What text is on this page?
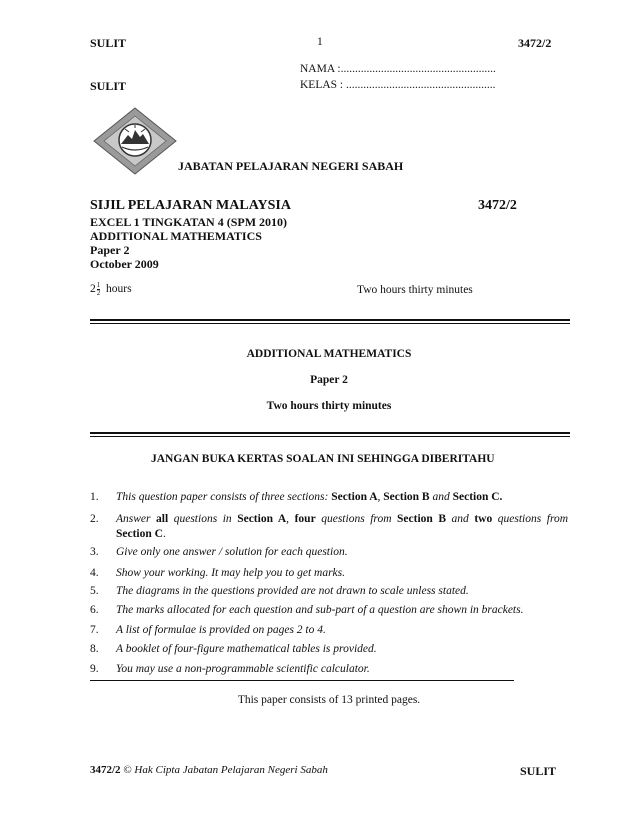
SULIT	1	3472/2
NAMA :......................................................
SULIT	KELAS : ....................................................
JABATAN PELAJARAN NEGERI SABAH
SIJIL PELAJARAN MALAYSIA	3472/2
EXCEL 1 TINGKATAN 4 (SPM 2010)
ADDITIONAL MATHEMATICS
Paper 2
October 2009
$2 \frac{1}{2}$ hours	Two hours thirty minutes
ADDITIONAL MATHEMATICS
Paper 2
Two hours thirty minutes
JANGAN BUKA KERTAS SOALAN INI SEHINGGA DIBERITAHU
1. This question paper consists of three sections: Section A, Section B and Section C.
2. Answer all questions in Section A, four questions from Section B and two questions from Section C.
3. Give only one answer / solution for each question.
4. Show your working. It may help you to get marks.
5. The diagrams in the questions provided are not drawn to scale unless stated.
6. The marks allocated for each question and sub-part of a question are shown in brackets.
7. A list of formulae is provided on pages 2 to 4.
8. A booklet of four-figure mathematical tables is provided.
9. You may use a non-programmable scientific calculator.
This paper consists of 13 printed pages.
3472/2 © Hak Cipta Jabatan Pelajaran Negeri Sabah	SULIT
